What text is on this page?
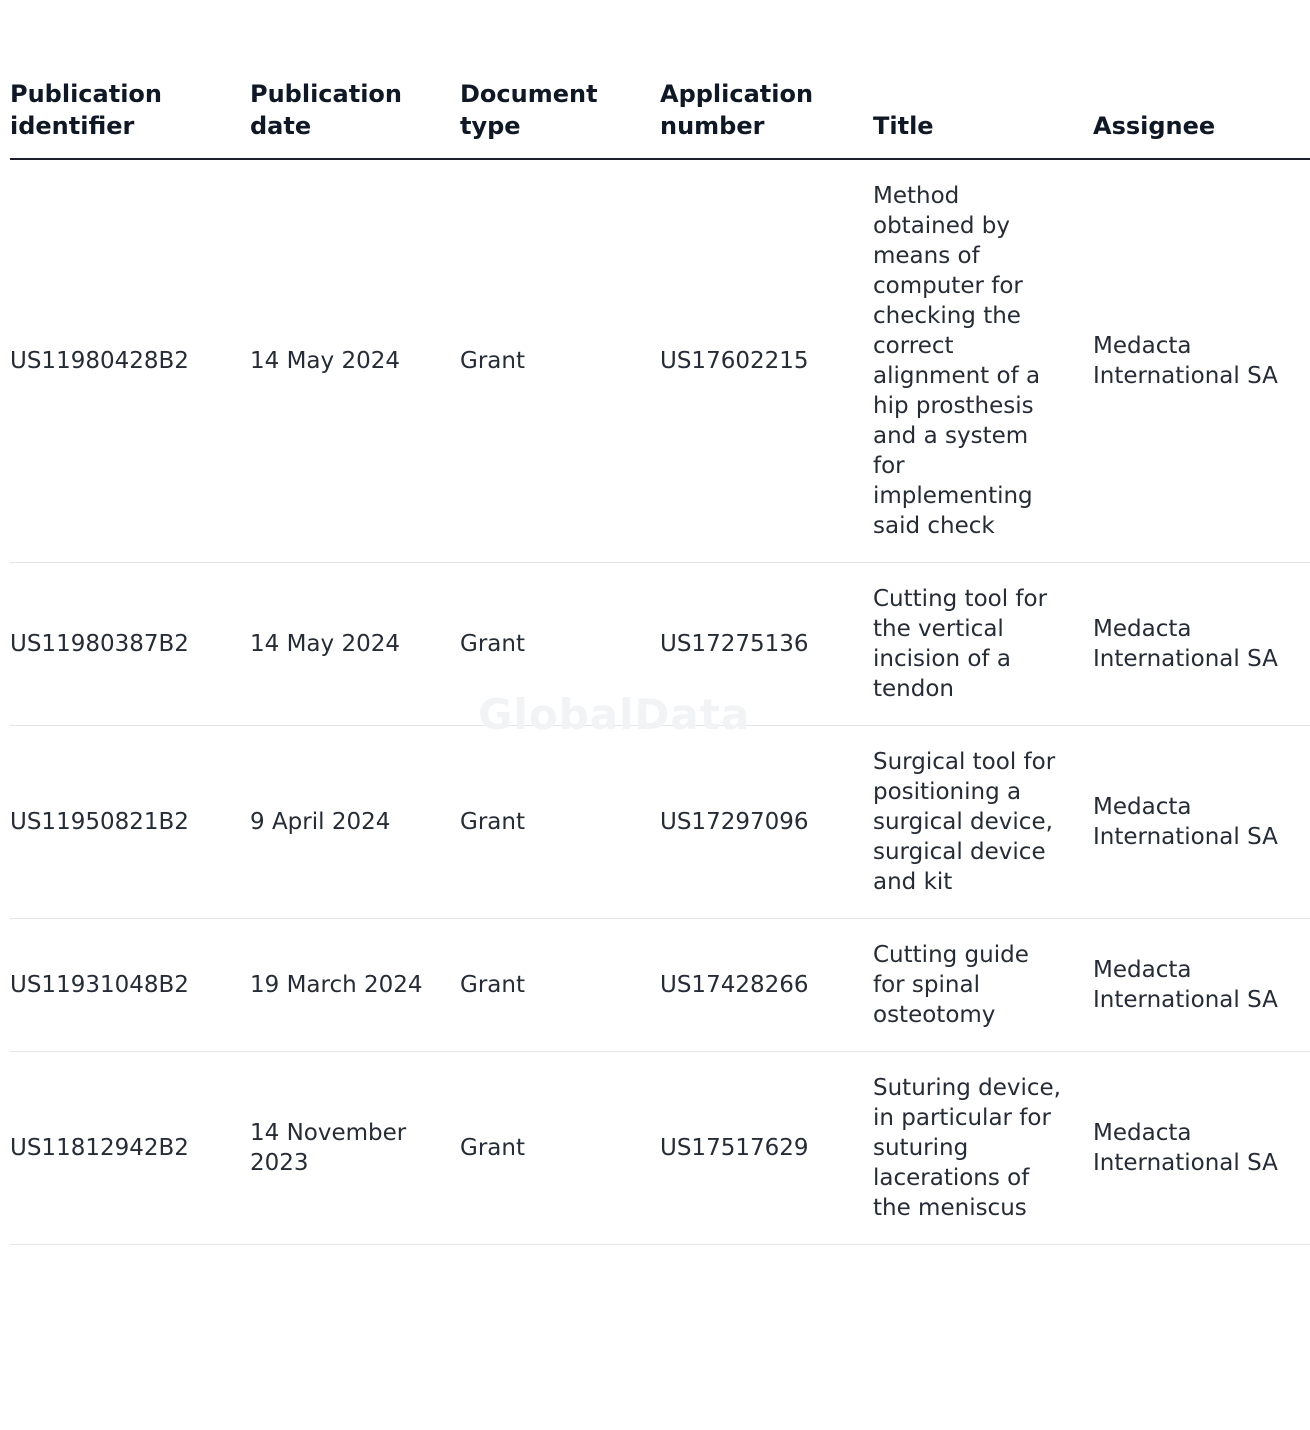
Publication identifier	Publication date	Document type	Application number	Title	Assignee
US11980428B2	14 May 2024	Grant	US17602215	Method obtained by means of computer for checking the correct alignment of a hip prosthesis and a system for implementing said check	Medacta International SA
US11980387B2	14 May 2024	Grant	US17275136	Cutting tool for the vertical incision of a tendon	Medacta International SA
US11950821B2	9 April 2024	Grant	US17297096	Surgical tool for positioning a surgical device, surgical device and kit	Medacta International SA
US11931048B2	19 March 2024	Grant	US17428266	Cutting guide for spinal osteotomy	Medacta International SA
US11812942B2	14 November 2023	Grant	US17517629	Suturing device, in particular for suturing lacerations of the meniscus	Medacta International SA
GlobalData
